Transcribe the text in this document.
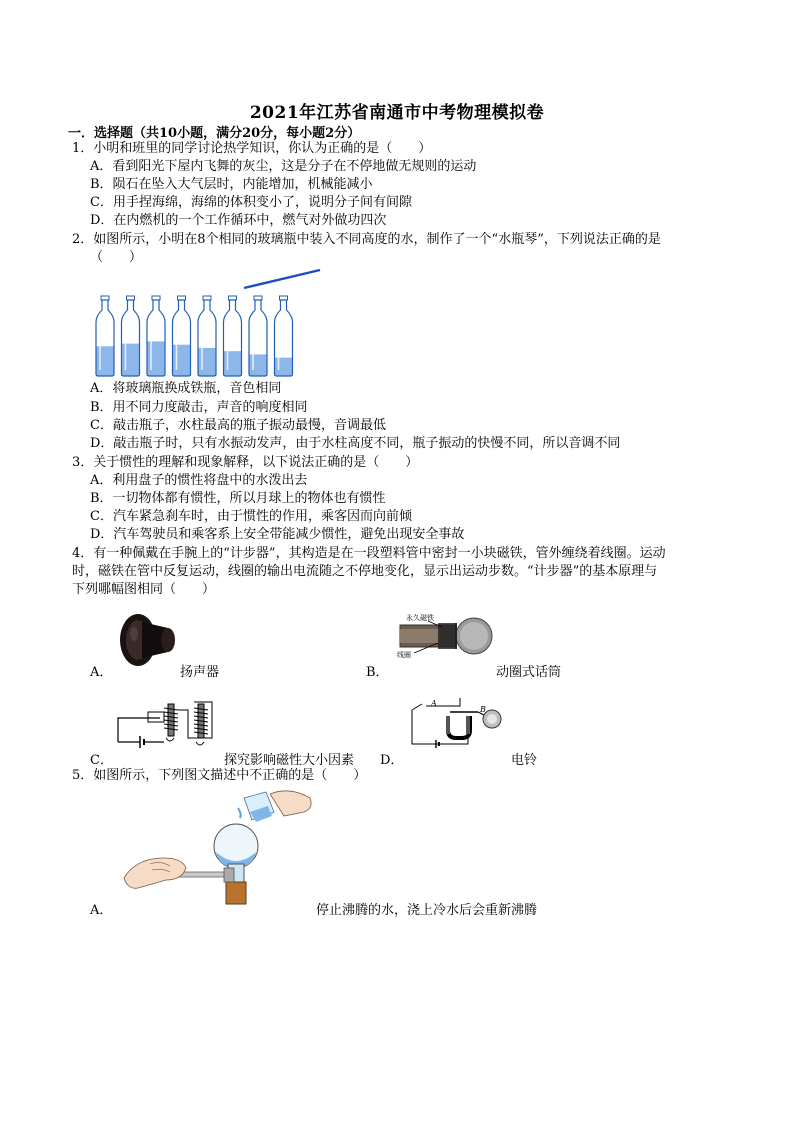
2021年江苏省南通市中考物理模拟卷
一．选择题（共10小题，满分20分，每小题2分）
1．小明和班里的同学讨论热学知识，你认为正确的是（　　）
A．看到阳光下屋内飞舞的灰尘，这是分子在不停地做无规则的运动
B．陨石在坠入大气层时，内能增加，机械能减小
C．用手捏海绵，海绵的体积变小了，说明分子间有间隙
D．在内燃机的一个工作循环中，燃气对外做功四次
2．如图所示，小明在8个相同的玻璃瓶中装入不同高度的水，制作了一个“水瓶琴”，下列说法正确的是
（　　）
A．将玻璃瓶换成铁瓶，音色相同
B．用不同力度敲击，声音的响度相同
C．敲击瓶子，水柱最高的瓶子振动最慢，音调最低
D．敲击瓶子时，只有水振动发声，由于水柱高度不同，瓶子振动的快慢不同，所以音调不同
3．关于惯性的理解和现象解释，以下说法正确的是（　　）
A．利用盘子的惯性将盘中的水泼出去
B．一切物体都有惯性，所以月球上的物体也有惯性
C．汽车紧急刹车时，由于惯性的作用，乘客因而向前倾
D．汽车驾驶员和乘客系上安全带能减少惯性，避免出现安全事故
4．有一种佩戴在手腕上的“计步器”，其构造是在一段塑料管中密封一小块磁铁，管外缠绕着线圈。运动
时，磁铁在管中反复运动，线圈的输出电流随之不停地变化，显示出运动步数。“计步器”的基本原理与
下列哪幅图相同（　　）
A．	扬声器
永久磁铁
线圈
B．	动圈式话筒
C．	探究影响磁性大小因素
A
B
D．	电铃
5．如图所示，下列图文描述中不正确的是（　　）
A．	停止沸腾的水，浇上冷水后会重新沸腾
